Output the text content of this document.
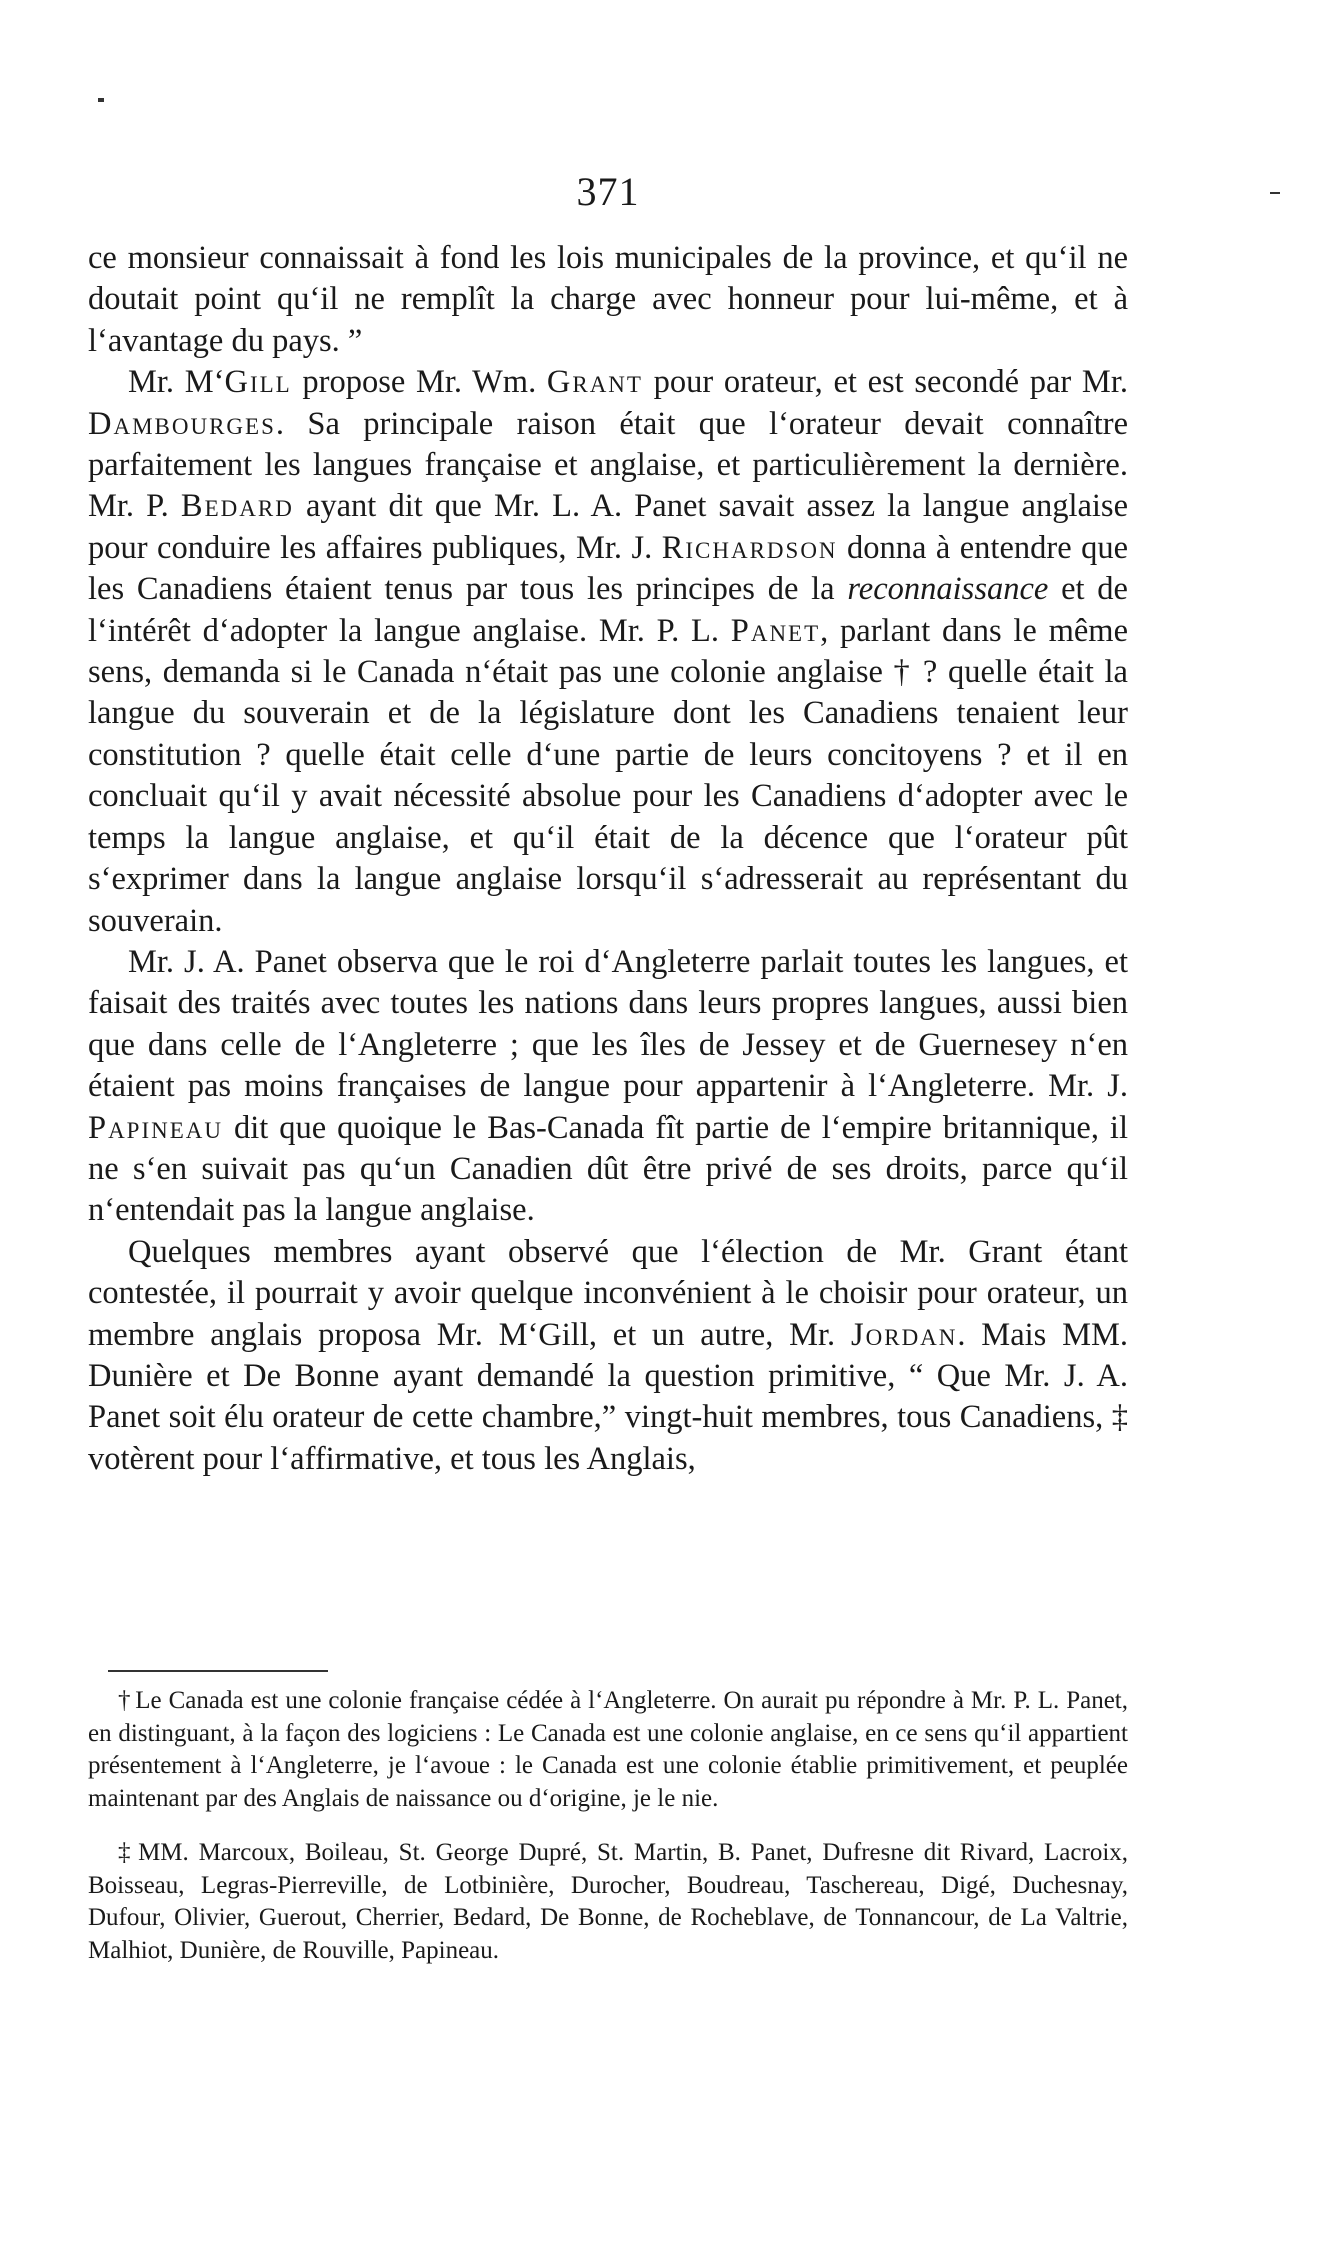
371

ce monsieur connaissait à fond les lois municipales de la province, et qu‘il ne doutait point qu‘il ne remplît la charge avec honneur pour lui-même, et à l‘avantage du pays. ”

Mr. M‘Gill propose Mr. Wm. Grant pour orateur, et est secondé par Mr. Dambourges. Sa principale raison était que l‘orateur devait connaître parfaitement les langues française et anglaise, et particulièrement la dernière. Mr. P. Bedard ayant dit que Mr. L. A. Panet savait assez la langue anglaise pour conduire les affaires publiques, Mr. J. Richardson donna à entendre que les Canadiens étaient tenus par tous les principes de la reconnaissance et de l‘intérêt d‘adopter la langue anglaise. Mr. P. L. Panet, parlant dans le même sens, demanda si le Canada n‘était pas une colonie anglaise † ? quelle était la langue du souverain et de la législature dont les Canadiens tenaient leur constitution ? quelle était celle d‘une partie de leurs concitoyens ? et il en concluait qu‘il y avait nécessité absolue pour les Canadiens d‘adopter avec le temps la langue anglaise, et qu‘il était de la décence que l‘orateur pût s‘exprimer dans la langue anglaise lorsqu‘il s‘adresserait au représentant du souverain.

Mr. J. A. Panet observa que le roi d‘Angleterre parlait toutes les langues, et faisait des traités avec toutes les nations dans leurs propres langues, aussi bien que dans celle de l‘Angleterre ; que les îles de Jessey et de Guernesey n‘en étaient pas moins françaises de langue pour appartenir à l‘Angleterre. Mr. J. Papineau dit que quoique le Bas-Canada fît partie de l‘empire britannique, il ne s‘en suivait pas qu‘un Canadien dût être privé de ses droits, parce qu‘il n‘entendait pas la langue anglaise.

Quelques membres ayant observé que l‘élection de Mr. Grant étant contestée, il pourrait y avoir quelque inconvénient à le choisir pour orateur, un membre anglais proposa Mr. M‘Gill, et un autre, Mr. Jordan. Mais MM. Dunière et De Bonne ayant demandé la question primitive, “ Que Mr. J. A. Panet soit élu orateur de cette chambre,” vingt-huit membres, tous Canadiens, ‡ votèrent pour l‘affirmative, et tous les Anglais,

† Le Canada est une colonie française cédée à l‘Angleterre. On aurait pu répondre à Mr. P. L. Panet, en distinguant, à la façon des logiciens : Le Canada est une colonie anglaise, en ce sens qu‘il appartient présentement à l‘Angleterre, je l‘avoue : le Canada est une colonie établie primitivement, et peuplée maintenant par des Anglais de naissance ou d‘origine, je le nie.

‡ MM. Marcoux, Boileau, St. George Dupré, St. Martin, B. Panet, Dufresne dit Rivard, Lacroix, Boisseau, Legras-Pierreville, de Lotbinière, Durocher, Boudreau, Taschereau, Digé, Duchesnay, Dufour, Olivier, Guerout, Cherrier, Bedard, De Bonne, de Rocheblave, de Tonnancour, de La Valtrie, Malhiot, Dunière, de Rouville, Papineau.
